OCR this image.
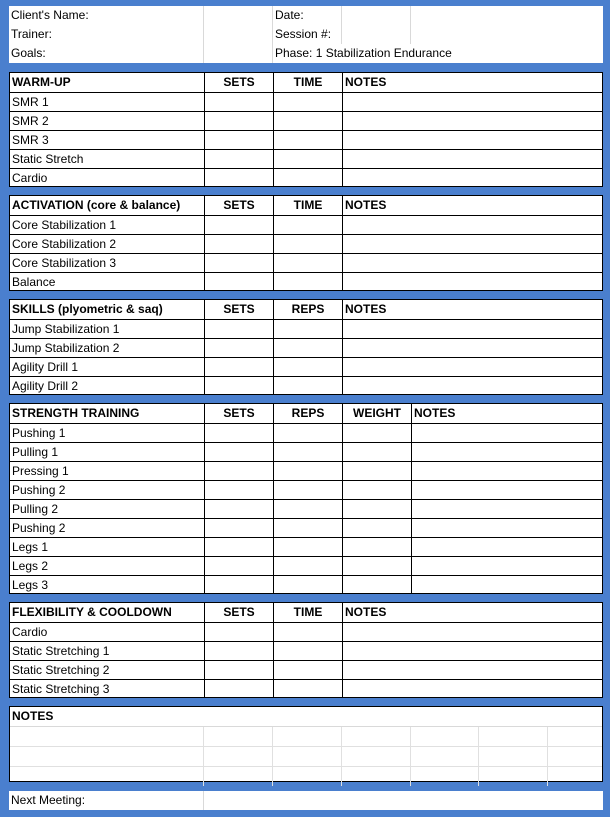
Client's Name:	Date:
Trainer:	Session #:
Goals:	Phase: 1 Stabilization Endurance
WARM-UP	SETS	TIME	NOTES
SMR 1
SMR 2
SMR 3
Static Stretch
Cardio
ACTIVATION (core & balance)	SETS	TIME	NOTES
Core Stabilization 1
Core Stabilization 2
Core Stabilization 3
Balance
SKILLS (plyometric & saq)	SETS	REPS	NOTES
Jump Stabilization 1
Jump Stabilization 2
Agility Drill 1
Agility Drill 2
STRENGTH TRAINING	SETS	REPS	WEIGHT	NOTES
Pushing 1
Pulling 1
Pressing 1
Pushing 2
Pulling 2
Pushing 2
Legs 1
Legs 2
Legs 3
FLEXIBILITY & COOLDOWN	SETS	TIME	NOTES
Cardio
Static Stretching 1
Static Stretching 2
Static Stretching 3
NOTES
Next Meeting:
